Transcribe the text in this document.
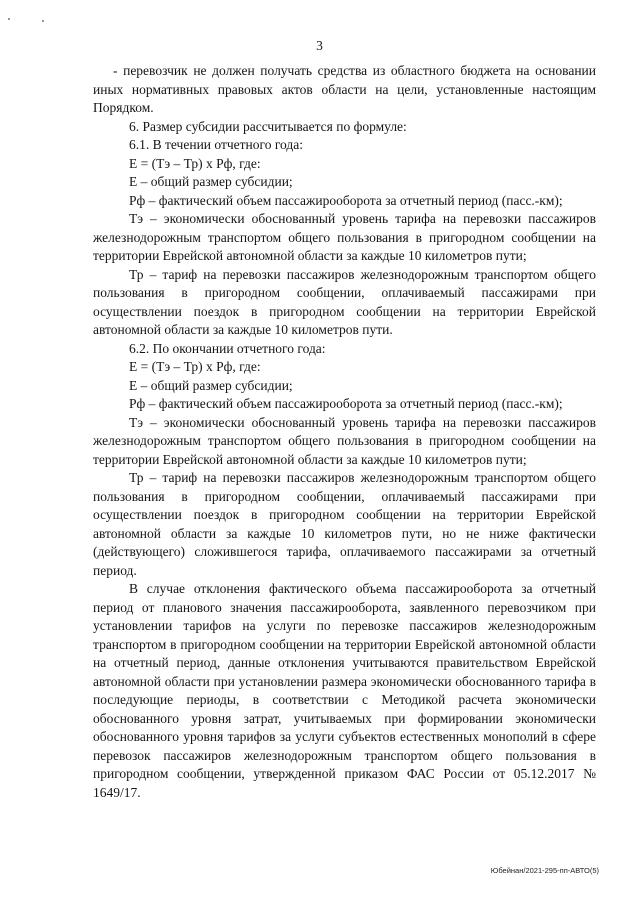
3

- перевозчик не должен получать средства из областного бюджета на основании иных нормативных правовых актов области на цели, установленные настоящим Порядком.

6. Размер субсидии рассчитывается по формуле:

6.1. В течении отчетного года:

Е = (Тэ – Тр) х Рф, где:

Е – общий размер субсидии;

Рф – фактический объем пассажирооборота за отчетный период (пасс.-км);

Тэ – экономически обоснованный уровень тарифа на перевозки пассажиров железнодорожным транспортом общего пользования в пригородном сообщении на территории Еврейской автономной области за каждые 10 километров пути;

Тр – тариф на перевозки пассажиров железнодорожным транспортом общего пользования в пригородном сообщении, оплачиваемый пассажирами при осуществлении поездок в пригородном сообщении на территории Еврейской автономной области за каждые 10 километров пути.

6.2. По окончании отчетного года:

Е = (Тэ – Тр) х Рф, где:

Е – общий размер субсидии;

Рф – фактический объем пассажирооборота за отчетный период (пасс.-км);

Тэ – экономически обоснованный уровень тарифа на перевозки пассажиров железнодорожным транспортом общего пользования в пригородном сообщении на территории Еврейской автономной области за каждые 10 километров пути;

Тр – тариф на перевозки пассажиров железнодорожным транспортом общего пользования в пригородном сообщении, оплачиваемый пассажирами при осуществлении поездок в пригородном сообщении на территории Еврейской автономной области за каждые 10 километров пути, но не ниже фактически (действующего) сложившегося тарифа, оплачиваемого пассажирами за отчетный период.

В случае отклонения фактического объема пассажирооборота за отчетный период от планового значения пассажирооборота, заявленного перевозчиком при установлении тарифов на услуги по перевозке пассажиров железнодорожным транспортом в пригородном сообщении на территории Еврейской автономной области на отчетный период, данные отклонения учитываются правительством Еврейской автономной области при установлении размера экономически обоснованного тарифа в последующие периоды, в соответствии с Методикой расчета экономически обоснованного уровня затрат, учитываемых при формировании экономически обоснованного уровня тарифов за услуги субъектов естественных монополий в сфере перевозок пассажиров железнодорожным транспортом общего пользования в пригородном сообщении, утвержденной приказом ФАС России от 05.12.2017 № 1649/17.

Юбейнан/2021-295-пп-АВТО(5)
